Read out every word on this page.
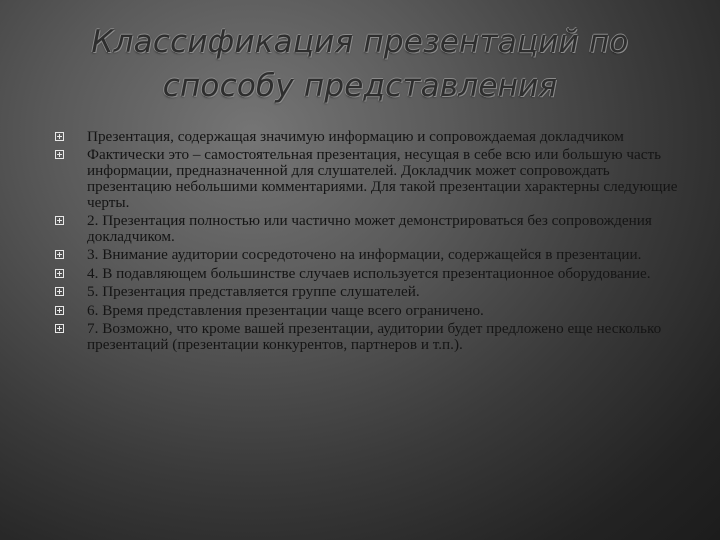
Классификация презентаций по
способу представления
Презентация, содержащая значимую информацию и сопровождаемая докладчиком
Фактически это – самостоятельная презентация, несущая в себе всю или большую часть информации, предназначенной для слушателей. Докладчик может сопровождать презентацию небольшими комментариями. Для такой презентации характерны следующие черты.
2. Презентация полностью или частично может демонстрироваться без сопровождения докладчиком.
3. Внимание аудитории сосредоточено на информации, содержащейся в презентации.
4. В подавляющем большинстве случаев используется презентационное оборудование.
5. Презентация представляется группе слушателей.
6. Время представления презентации чаще всего ограничено.
7. Возможно, что кроме вашей презентации, аудитории будет предложено еще несколько презентаций (презентации конкурентов, партнеров и т.п.).
